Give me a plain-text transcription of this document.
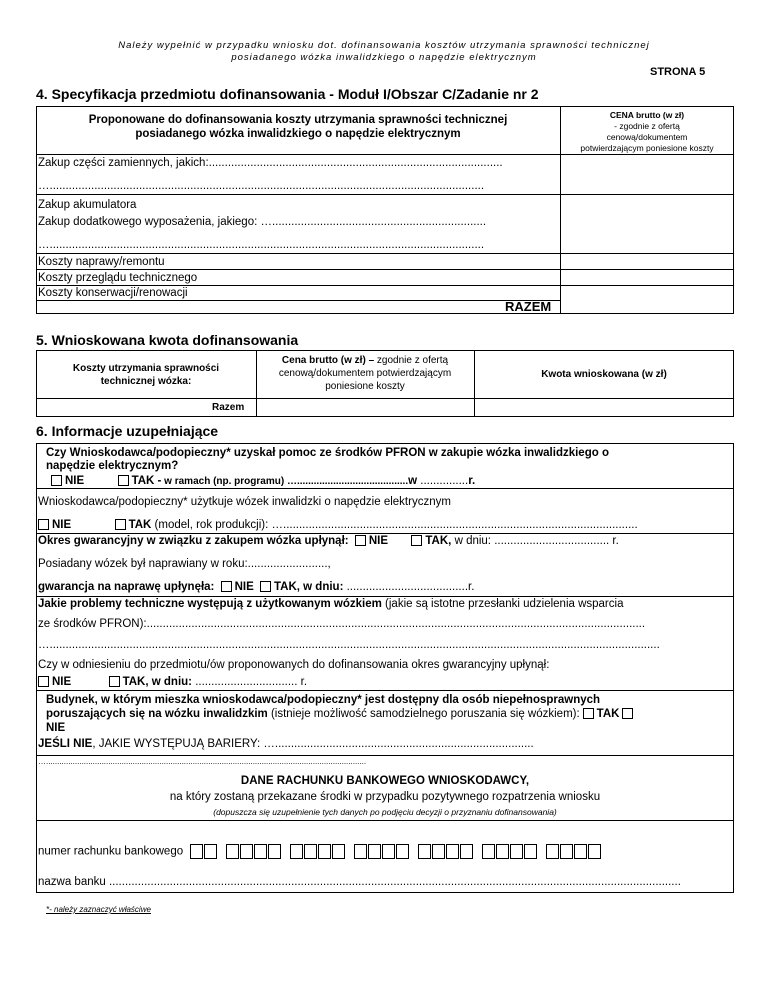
Należy wypełnić w przypadku wniosku dot. dofinansowania kosztów utrzymania sprawności technicznej
posiadanego wózka inwalidzkiego o napędzie elektrycznym
STRONA 5
4. Specyfikacja przedmiotu dofinansowania - Moduł I/Obszar C/Zadanie nr 2
Proponowane do dofinansowania koszty utrzymania sprawności technicznej
posiadanego wózka inwalidzkiego o napędzie elektrycznym
CENA brutto (w zł)
- zgodnie z ofertą
cenową/dokumentem
potwierdzającym poniesione koszty
Zakup części zamiennych, jakich:............................................................................................
…........................................................................................................................................
Zakup akumulatora
Zakup dodatkowego wyposażenia, jakiego: …...................................................................
…........................................................................................................................................
Koszty naprawy/remontu
Koszty przeglądu technicznego
Koszty konserwacji/renowacji
RAZEM
5. Wnioskowana kwota dofinansowania
Koszty utrzymania sprawności
technicznej wózka:
Cena brutto (w zł) – zgodnie z ofertą
cenową/dokumentem potwierdzającym
poniesione koszty
Kwota wnioskowana (w zł)
Razem
6. Informacje uzupełniające
Czy Wnioskodawca/podopieczny* uzyskał pomoc ze środków PFRON w zakupie wózka inwalidzkiego o
napędzie elektrycznym?
NIE	TAK - w ramach (np. programu) …........................................w ...............r.
Wnioskodawca/podopieczny* użytkuje wózek inwalidzki o napędzie elektrycznym
NIE	TAK (model, rok produkcji): …...............................................................................................................
Okres gwarancyjny w związku z zakupem wózka upłynął: NIE	TAK, w dniu: .................................... r.
Posiadany wózek był naprawiany w roku:.........................,
gwarancja na naprawę upłynęła: NIE TAK, w dniu: ......................................r.
Jakie problemy techniczne występują z użytkowanym wózkiem (jakie są istotne przesłanki udzielenia wsparcia
ze środków PFRON):............................................................................................................................................................
…...............................................................................................................................................................................................
Czy w odniesieniu do przedmiotu/ów proponowanych do dofinansowania okres gwarancyjny upłynął:
NIE	TAK, w dniu: ................................ r.
Budynek, w którym mieszka wnioskodawca/podopieczny* jest dostępny dla osób niepełnosprawnych
poruszających się na wózku inwalidzkim (istnieje możliwość samodzielnego poruszania się wózkiem): TAK
NIE
JEŚLI NIE, JAKIE WYSTĘPUJĄ BARIERY: ….................................................................................
…................................................................................................................................................
DANE RACHUNKU BANKOWEGO WNIOSKODAWCY,
na który zostaną przekazane środki w przypadku pozytywnego rozpatrzenia wniosku
(dopuszcza się uzupełnienie tych danych po podjęciu decyzji o przyznaniu dofinansowania)
numer rachunku bankowego
nazwa banku ...................................................................................................................................................................................
*- należy zaznaczyć właściwe
